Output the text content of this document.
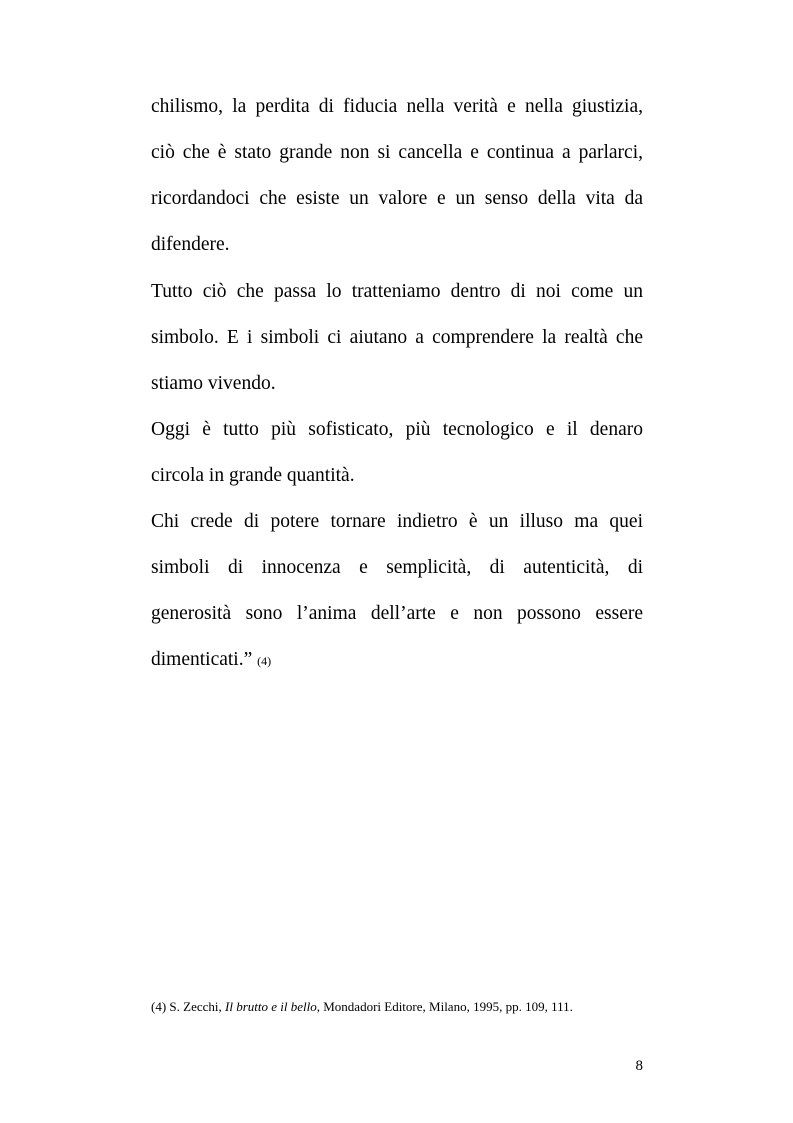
chilismo, la perdita di fiducia nella verità e nella giustizia,
ciò che è stato grande non si cancella e continua a parlarci,
ricordandoci che esiste un valore e un senso della vita da
difendere.
Tutto ciò che passa lo tratteniamo dentro di noi come un
simbolo. E i simboli ci aiutano a comprendere la realtà che
stiamo vivendo.
Oggi è tutto più sofisticato, più tecnologico e il denaro
circola in grande quantità.
Chi crede di potere tornare indietro è un illuso ma quei
simboli di innocenza e semplicità, di autenticità, di
generosità sono l’anima dell’arte e non possono essere
dimenticati.” (4)
(4) S. Zecchi, Il brutto e il bello, Mondadori Editore, Milano, 1995, pp. 109, 111.
8
